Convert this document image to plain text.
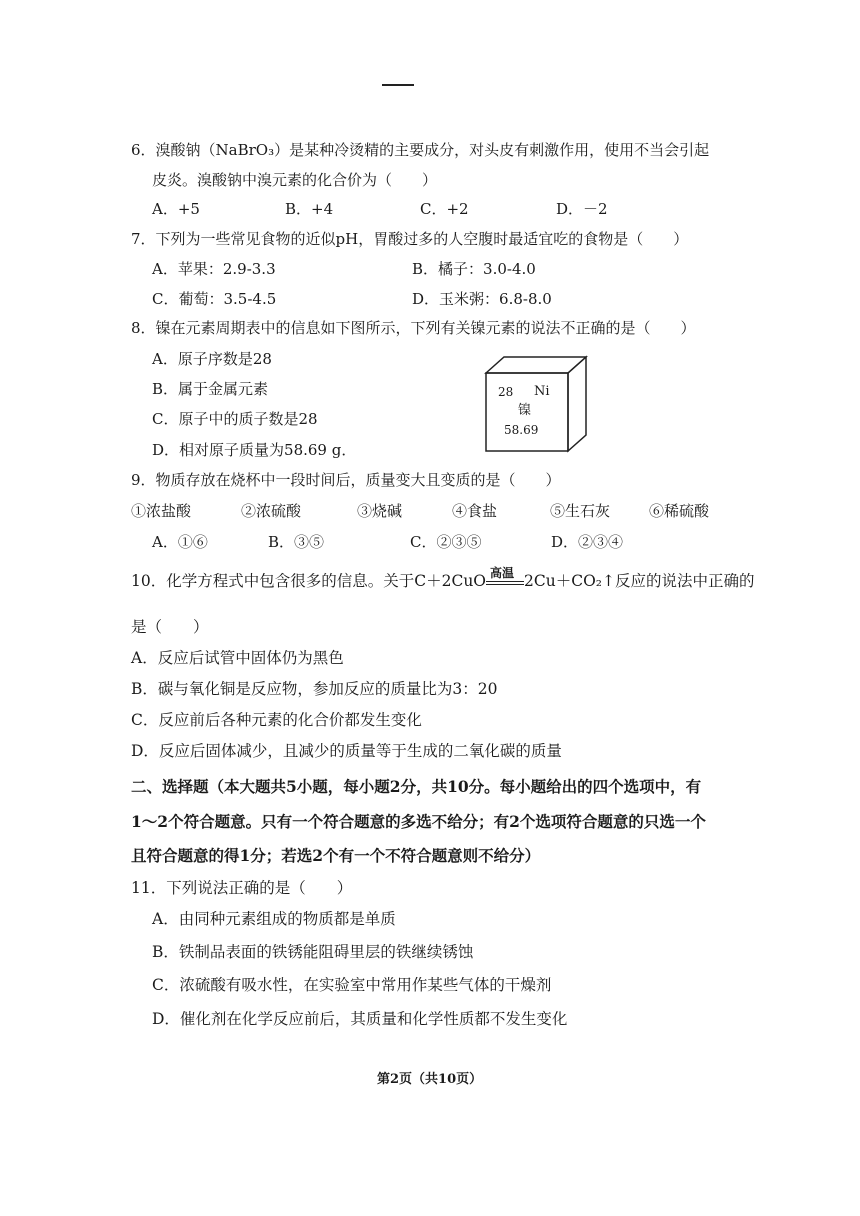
6．溴酸钠（NaBrO₃）是某种冷烫精的主要成分，对头皮有刺激作用，使用不当会引起
皮炎。溴酸钠中溴元素的化合价为（　　）
A．+5	B．+4	C．+2	D．－2
7．下列为一些常见食物的近似pH，胃酸过多的人空腹时最适宜吃的食物是（　　）
A．苹果：2.9-3.3	B．橘子：3.0-4.0
C．葡萄：3.5-4.5	D．玉米粥：6.8-8.0
8．镍在元素周期表中的信息如下图所示，下列有关镍元素的说法不正确的是（　　）
A．原子序数是28
B．属于金属元素
C．原子中的质子数是28
D．相对原子质量为58.69 g．
28 Ni
镍
58.69
9．物质存放在烧杯中一段时间后，质量变大且变质的是（　　）
①浓盐酸	②浓硫酸	③烧碱	④食盐	⑤生石灰	⑥稀硫酸
A．①⑥	B．③⑤	C．②③⑤	D．②③④
10．化学方程式中包含很多的信息。关于C＋2CuO 高温 2Cu＋CO₂↑反应的说法中正确的
是（　　）
A．反应后试管中固体仍为黑色
B．碳与氧化铜是反应物，参加反应的质量比为3：20
C．反应前后各种元素的化合价都发生变化
D．反应后固体减少，且减少的质量等于生成的二氧化碳的质量
二、选择题（本大题共5小题，每小题2分，共10分。每小题给出的四个选项中，有
1～2个符合题意。只有一个符合题意的多选不给分；有2个选项符合题意的只选一个
且符合题意的得1分；若选2个有一个不符合题意则不给分）
11．下列说法正确的是（　　）
A．由同种元素组成的物质都是单质
B．铁制品表面的铁锈能阻碍里层的铁继续锈蚀
C．浓硫酸有吸水性，在实验室中常用作某些气体的干燥剂
D．催化剂在化学反应前后，其质量和化学性质都不发生变化
第2页（共10页）
